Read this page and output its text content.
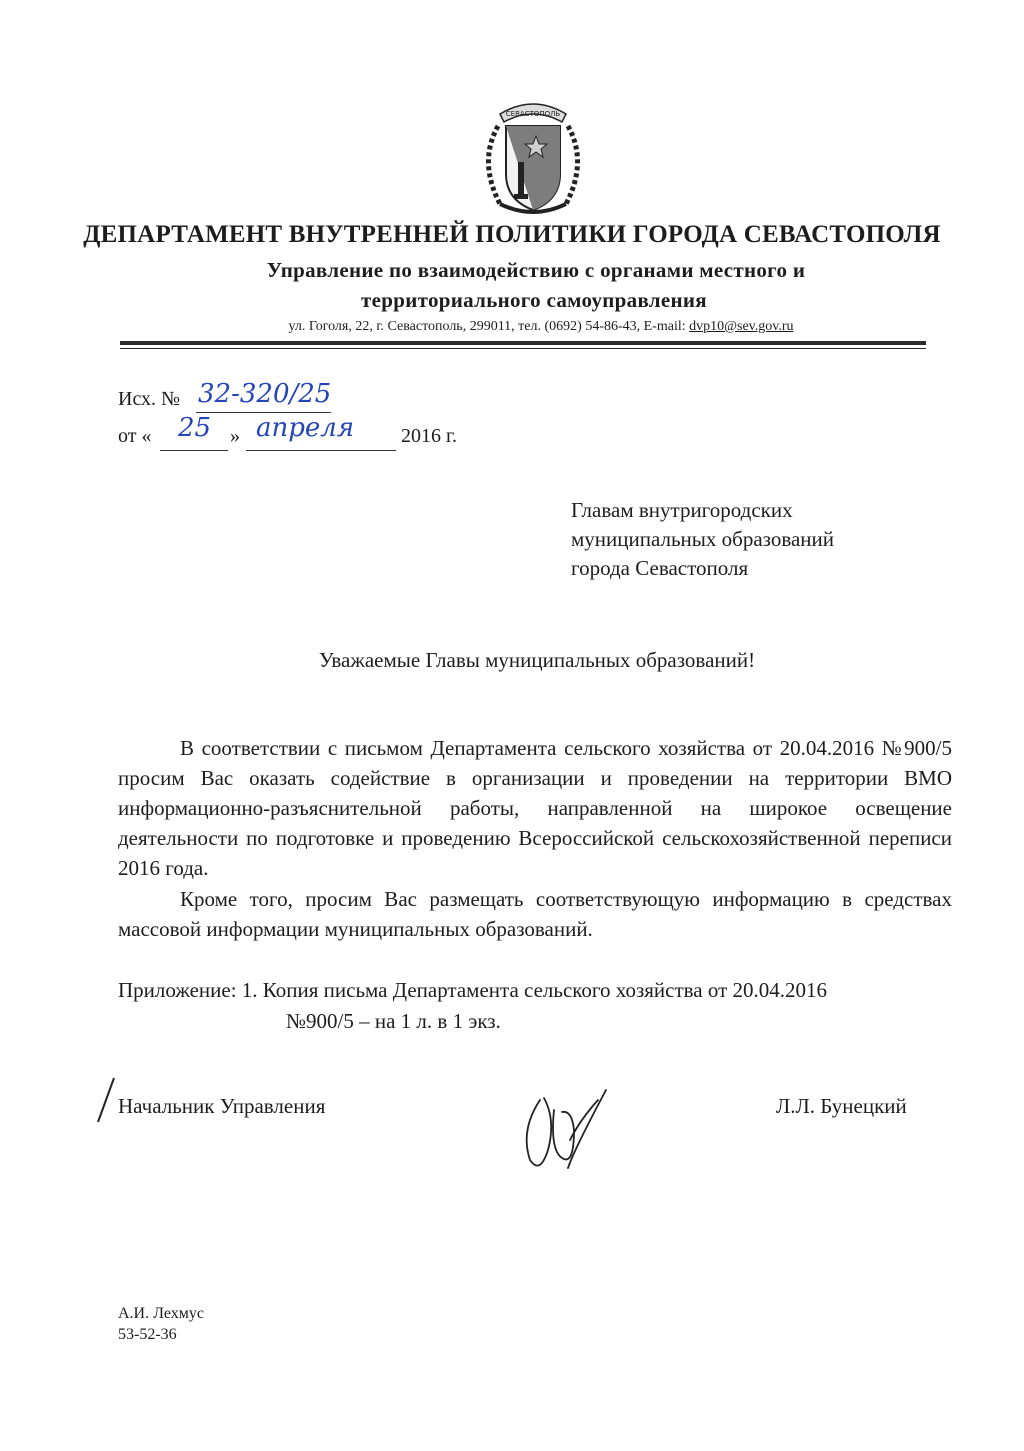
СЕВАСТОПОЛЬ
ДЕПАРТАМЕНТ ВНУТРЕННЕЙ ПОЛИТИКИ ГОРОДА СЕВАСТОПОЛЯ
Управление по взаимодействию с органами местного и
территориального самоуправления
ул. Гоголя, 22, г. Севастополь, 299011, тел. (0692) 54-86-43, E-mail: dvp10@sev.gov.ru
Исх. № 32-320/25
от « 25 » апреля 2016 г.
Главам внутригородских
муниципальных образований
города Севастополя
Уважаемые Главы муниципальных образований!
В соответствии с письмом Департамента сельского хозяйства от 20.04.2016 №900/5 просим Вас оказать содействие в организации и проведении на территории ВМО информационно-разъяснительной работы, направленной на широкое освещение деятельности по подготовке и проведению Всероссийской сельскохозяйственной переписи 2016 года.
Кроме того, просим Вас размещать соответствующую информацию в средствах массовой информации муниципальных образований.
Приложение: 1. Копия письма Департамента сельского хозяйства от 20.04.2016
№900/5 – на 1 л. в 1 экз.
Начальник Управления	Л.Л. Бунецкий
А.И. Лехмус
53-52-36
